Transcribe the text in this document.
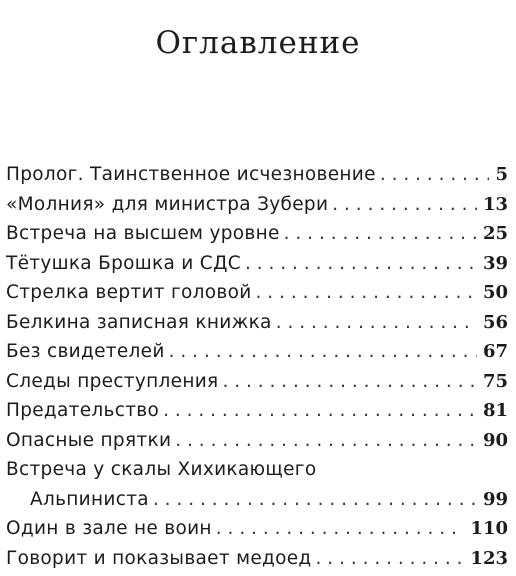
Оглавление
Пролог. Таинственное исчезновение . . .	5
«Молния» для министра Зубери . . .	13
Встреча на высшем уровне . . .	25
Тётушка Брошка и СДС . . .	39
Стрелка вертит головой . . .	50
Белкина записная книжка . . .	56
Без свидетелей . . .	67
Следы преступления . . .	75
Предательство . . .	81
Опасные прятки . . .	90
Встреча у скалы Хихикающего
Альпиниста . . .	99
Один в зале не воин . . .	110
Говорит и показывает медоед . . .	123
